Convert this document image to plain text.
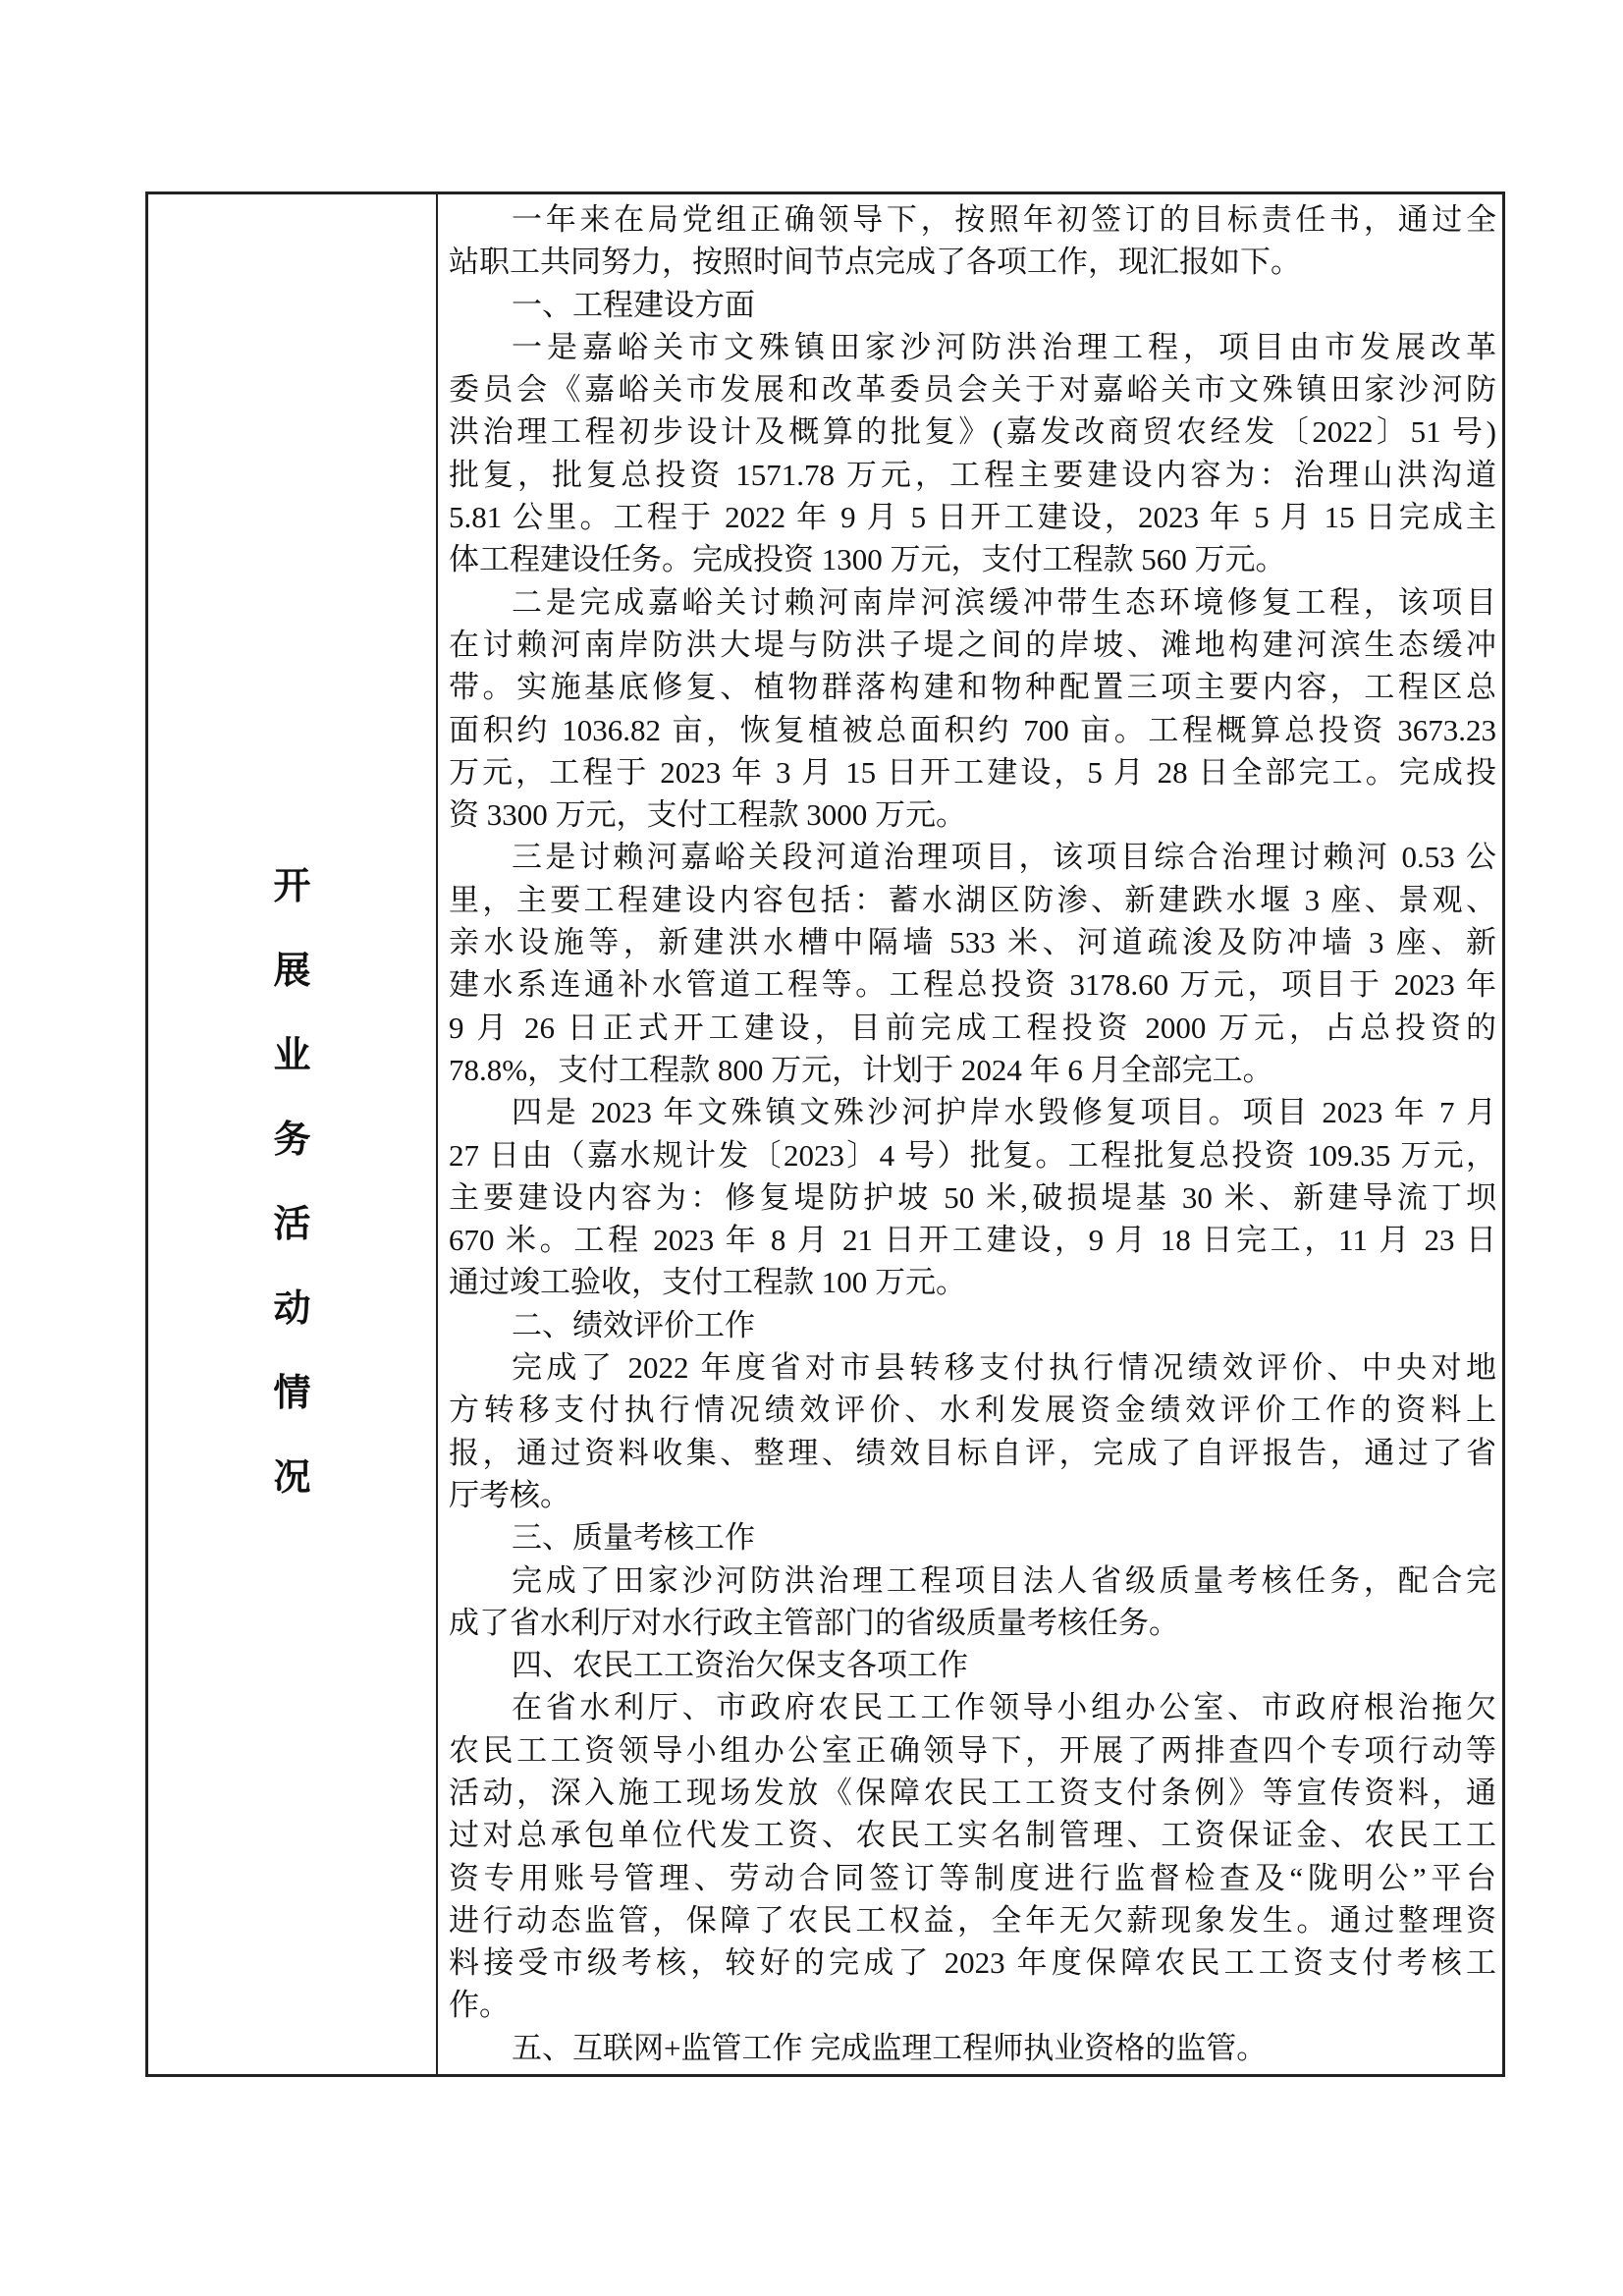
开
展
业
务
活
动
情
况
一年来在局党组正确领导下，按照年初签订的目标责任书，通过全
站职工共同努力，按照时间节点完成了各项工作，现汇报如下。
一、工程建设方面
一是嘉峪关市文殊镇田家沙河防洪治理工程，项目由市发展改革
委员会《嘉峪关市发展和改革委员会关于对嘉峪关市文殊镇田家沙河防
洪治理工程初步设计及概算的批复》(嘉发改商贸农经发〔2022〕51 号)
批复，批复总投资 1571.78 万元，工程主要建设内容为：治理山洪沟道
5.81 公里。工程于 2022 年 9 月 5 日开工建设，2023 年 5 月 15 日完成主
体工程建设任务。完成投资 1300 万元，支付工程款 560 万元。
二是完成嘉峪关讨赖河南岸河滨缓冲带生态环境修复工程，该项目
在讨赖河南岸防洪大堤与防洪子堤之间的岸坡、滩地构建河滨生态缓冲
带。实施基底修复、植物群落构建和物种配置三项主要内容，工程区总
面积约 1036.82 亩，恢复植被总面积约 700 亩。工程概算总投资 3673.23
万元，工程于 2023 年 3 月 15 日开工建设，5 月 28 日全部完工。完成投
资 3300 万元，支付工程款 3000 万元。
三是讨赖河嘉峪关段河道治理项目，该项目综合治理讨赖河 0.53 公
里，主要工程建设内容包括：蓄水湖区防渗、新建跌水堰 3 座、景观、
亲水设施等，新建洪水槽中隔墙 533 米、河道疏浚及防冲墙 3 座、新
建水系连通补水管道工程等。工程总投资 3178.60 万元，项目于 2023 年
9 月 26 日正式开工建设，目前完成工程投资 2000 万元，占总投资的
78.8%，支付工程款 800 万元，计划于 2024 年 6 月全部完工。
四是 2023 年文殊镇文殊沙河护岸水毁修复项目。项目 2023 年 7 月
27 日由（嘉水规计发〔2023〕4 号）批复。工程批复总投资 109.35 万元，
主要建设内容为：修复堤防护坡 50 米,破损堤基 30 米、新建导流丁坝
670 米。工程 2023 年 8 月 21 日开工建设，9 月 18 日完工，11 月 23 日
通过竣工验收，支付工程款 100 万元。
二、绩效评价工作
完成了 2022 年度省对市县转移支付执行情况绩效评价、中央对地
方转移支付执行情况绩效评价、水利发展资金绩效评价工作的资料上
报，通过资料收集、整理、绩效目标自评，完成了自评报告，通过了省
厅考核。
三、质量考核工作
完成了田家沙河防洪治理工程项目法人省级质量考核任务，配合完
成了省水利厅对水行政主管部门的省级质量考核任务。
四、农民工工资治欠保支各项工作
在省水利厅、市政府农民工工作领导小组办公室、市政府根治拖欠
农民工工资领导小组办公室正确领导下，开展了两排查四个专项行动等
活动，深入施工现场发放《保障农民工工资支付条例》等宣传资料，通
过对总承包单位代发工资、农民工实名制管理、工资保证金、农民工工
资专用账号管理、劳动合同签订等制度进行监督检查及“陇明公”平台
进行动态监管，保障了农民工权益，全年无欠薪现象发生。通过整理资
料接受市级考核，较好的完成了 2023 年度保障农民工工资支付考核工
作。
五、互联网+监管工作 完成监理工程师执业资格的监管。
